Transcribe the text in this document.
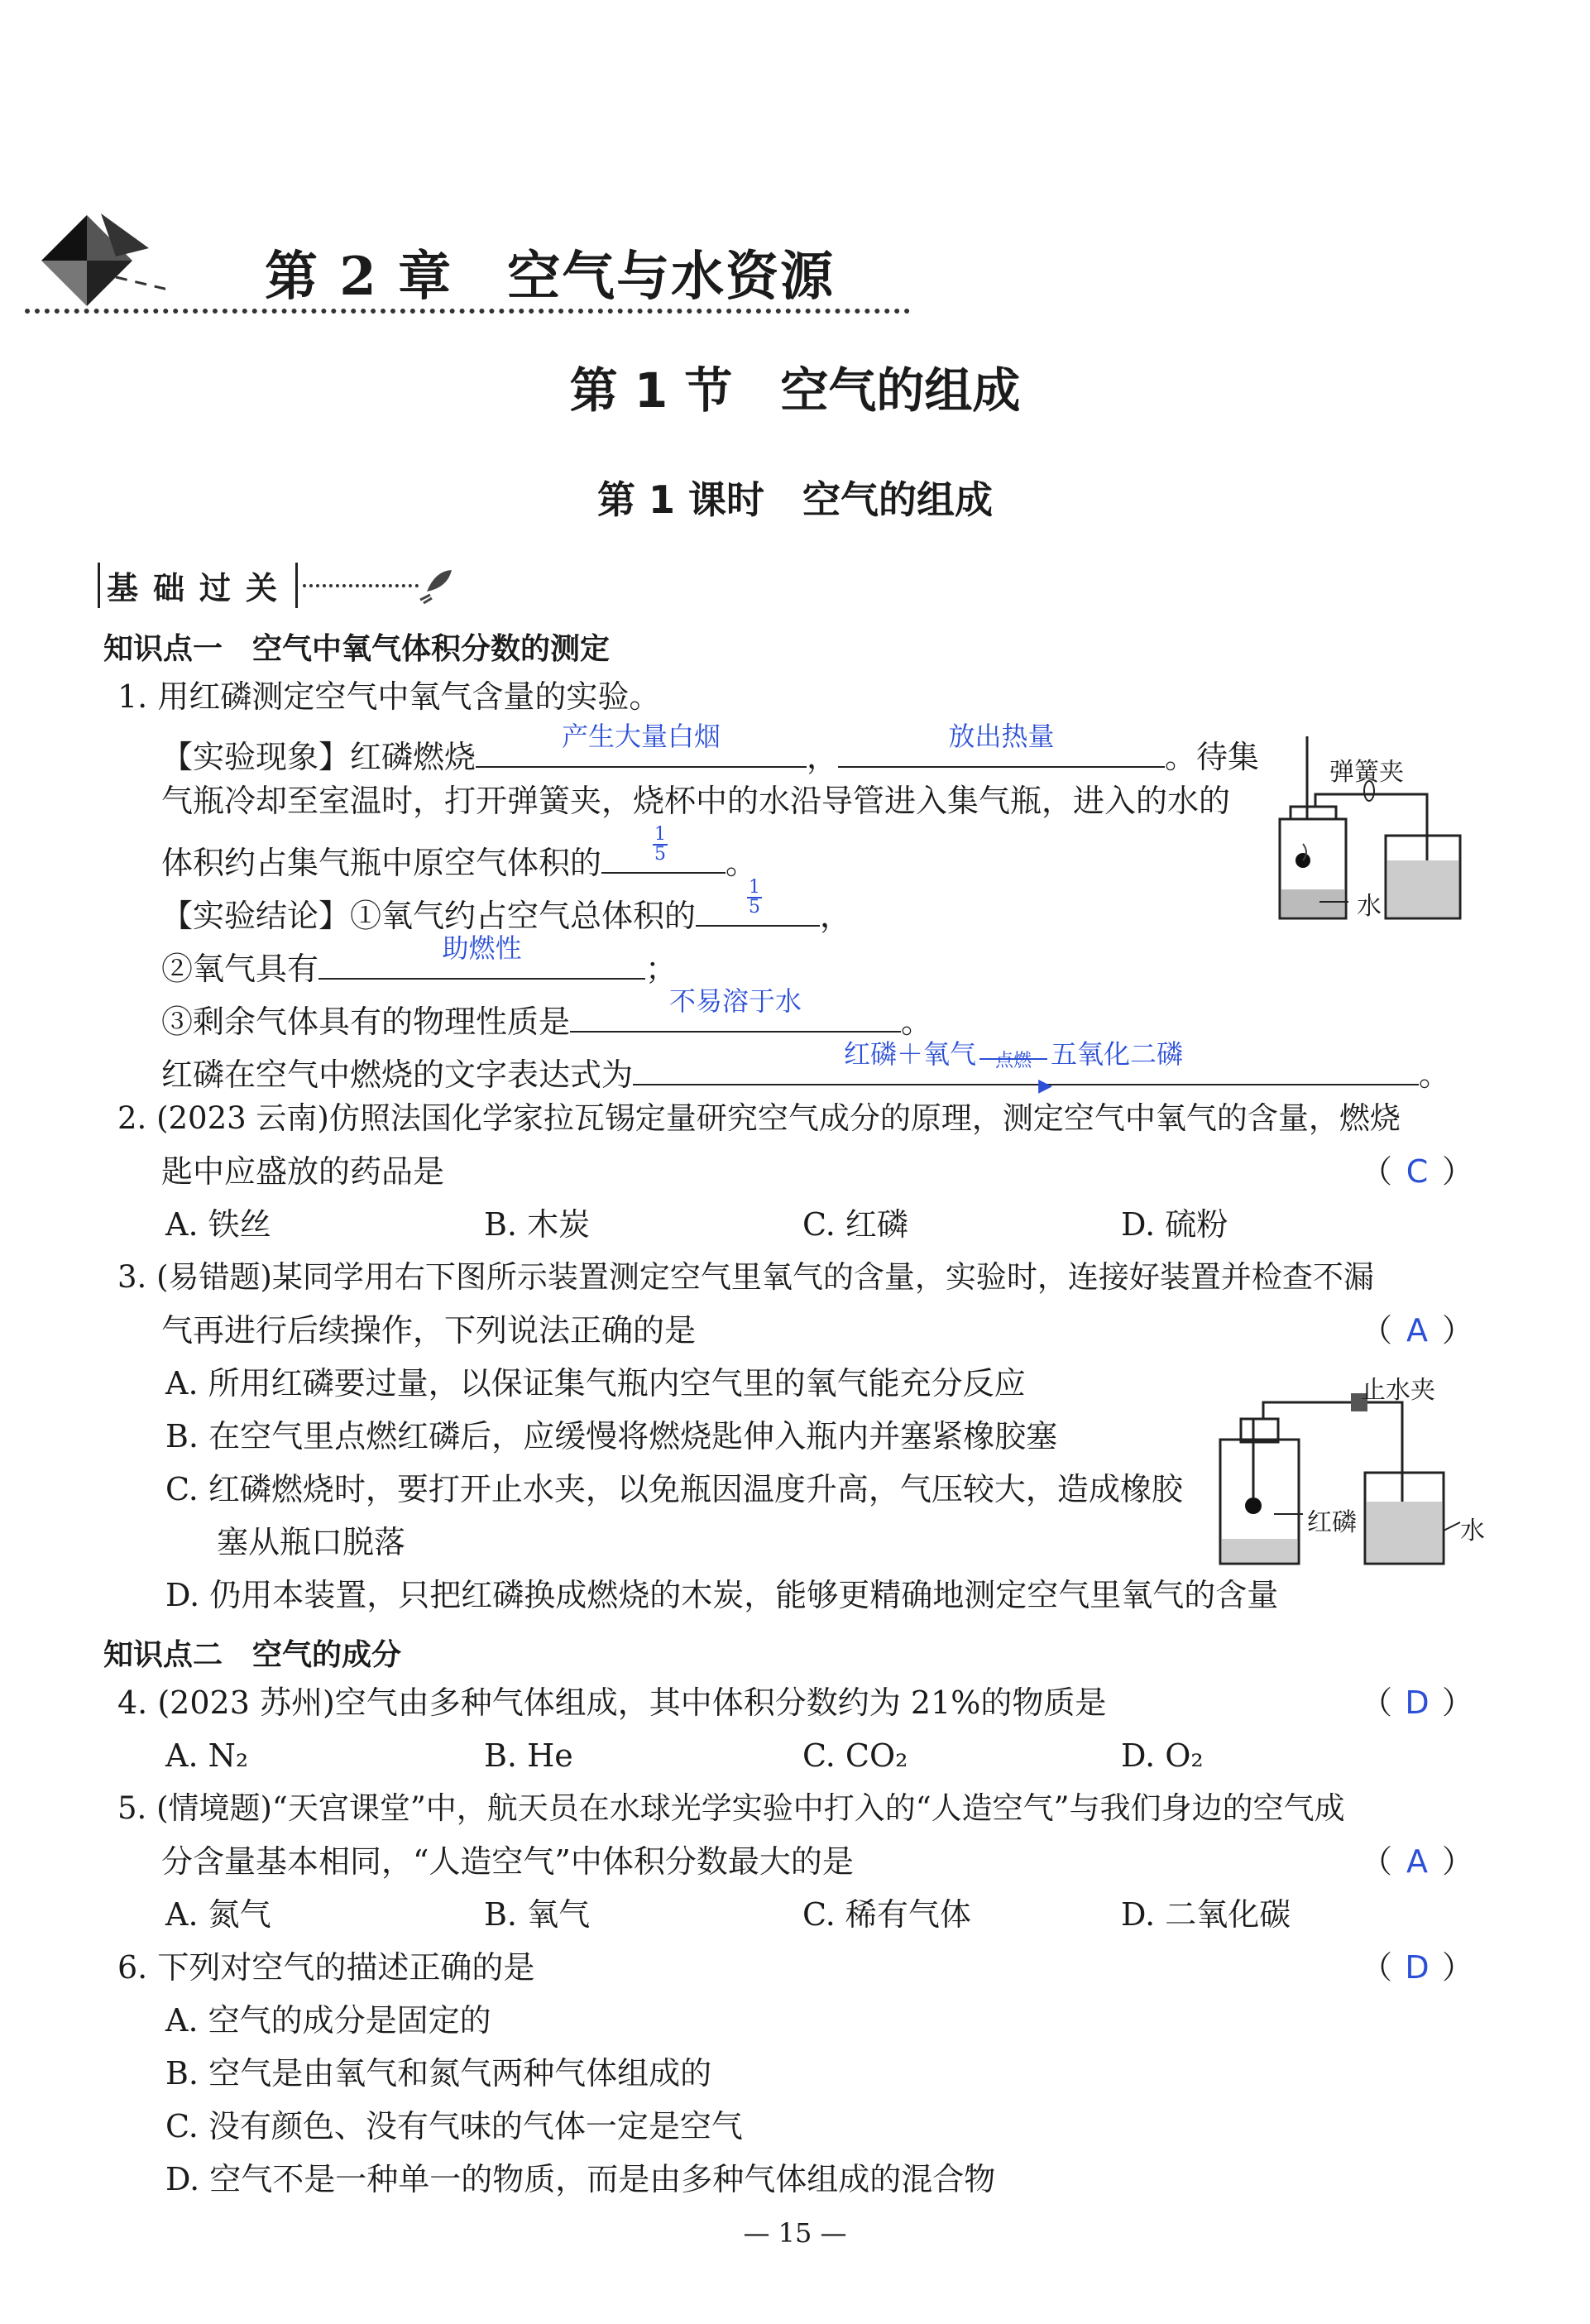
第 2 章　空气与水资源
第 1 节　空气的组成
第 1 课时　空气的组成
基础过关
知识点一　空气中氧气体积分数的测定
1. 用红磷测定空气中氧气含量的实验。
【实验现象】红磷燃烧
产生大量白烟
，
放出热量
。待集
气瓶冷却至室温时，打开弹簧夹，烧杯中的水沿导管进入集气瓶，进入的水的
体积约占集气瓶中原空气体积的	$\frac{1}{5}$ 。
【实验结论】①氧气约占空气总体积的	$\frac{1}{5}$ ，
②氧气具有
助燃性
；
③剩余气体具有的物理性质是
不易溶于水
。
红磷在空气中燃烧的文字表达式为
红磷＋氧气	点燃
▶
五氧化二磷
。
弹簧夹
水
2. (2023 云南)仿照法国化学家拉瓦锡定量研究空气成分的原理，测定空气中氧气的含量，燃烧
匙中应盛放的药品是	（ C ）
A. 铁丝	B. 木炭	C. 红磷	D. 硫粉
3. (易错题)某同学用右下图所示装置测定空气里氧气的含量，实验时，连接好装置并检查不漏
气再进行后续操作，下列说法正确的是	（ A ）
A. 所用红磷要过量，以保证集气瓶内空气里的氧气能充分反应
B. 在空气里点燃红磷后，应缓慢将燃烧匙伸入瓶内并塞紧橡胶塞
C. 红磷燃烧时，要打开止水夹，以免瓶因温度升高，气压较大，造成橡胶
塞从瓶口脱落
D. 仍用本装置，只把红磷换成燃烧的木炭，能够更精确地测定空气里氧气的含量
止水夹
红磷	水
知识点二　空气的成分
4. (2023 苏州)空气由多种气体组成，其中体积分数约为 21%的物质是	（ D ）
A. N₂	B. He	C. CO₂	D. O₂
5. (情境题)“天宫课堂”中，航天员在水球光学实验中打入的“人造空气”与我们身边的空气成
分含量基本相同，“人造空气”中体积分数最大的是	（ A ）
A. 氮气	B. 氧气	C. 稀有气体	D. 二氧化碳
6. 下列对空气的描述正确的是	（ D ）
A. 空气的成分是固定的
B. 空气是由氧气和氮气两种气体组成的
C. 没有颜色、没有气味的气体一定是空气
D. 空气不是一种单一的物质，而是由多种气体组成的混合物
— 15 —
